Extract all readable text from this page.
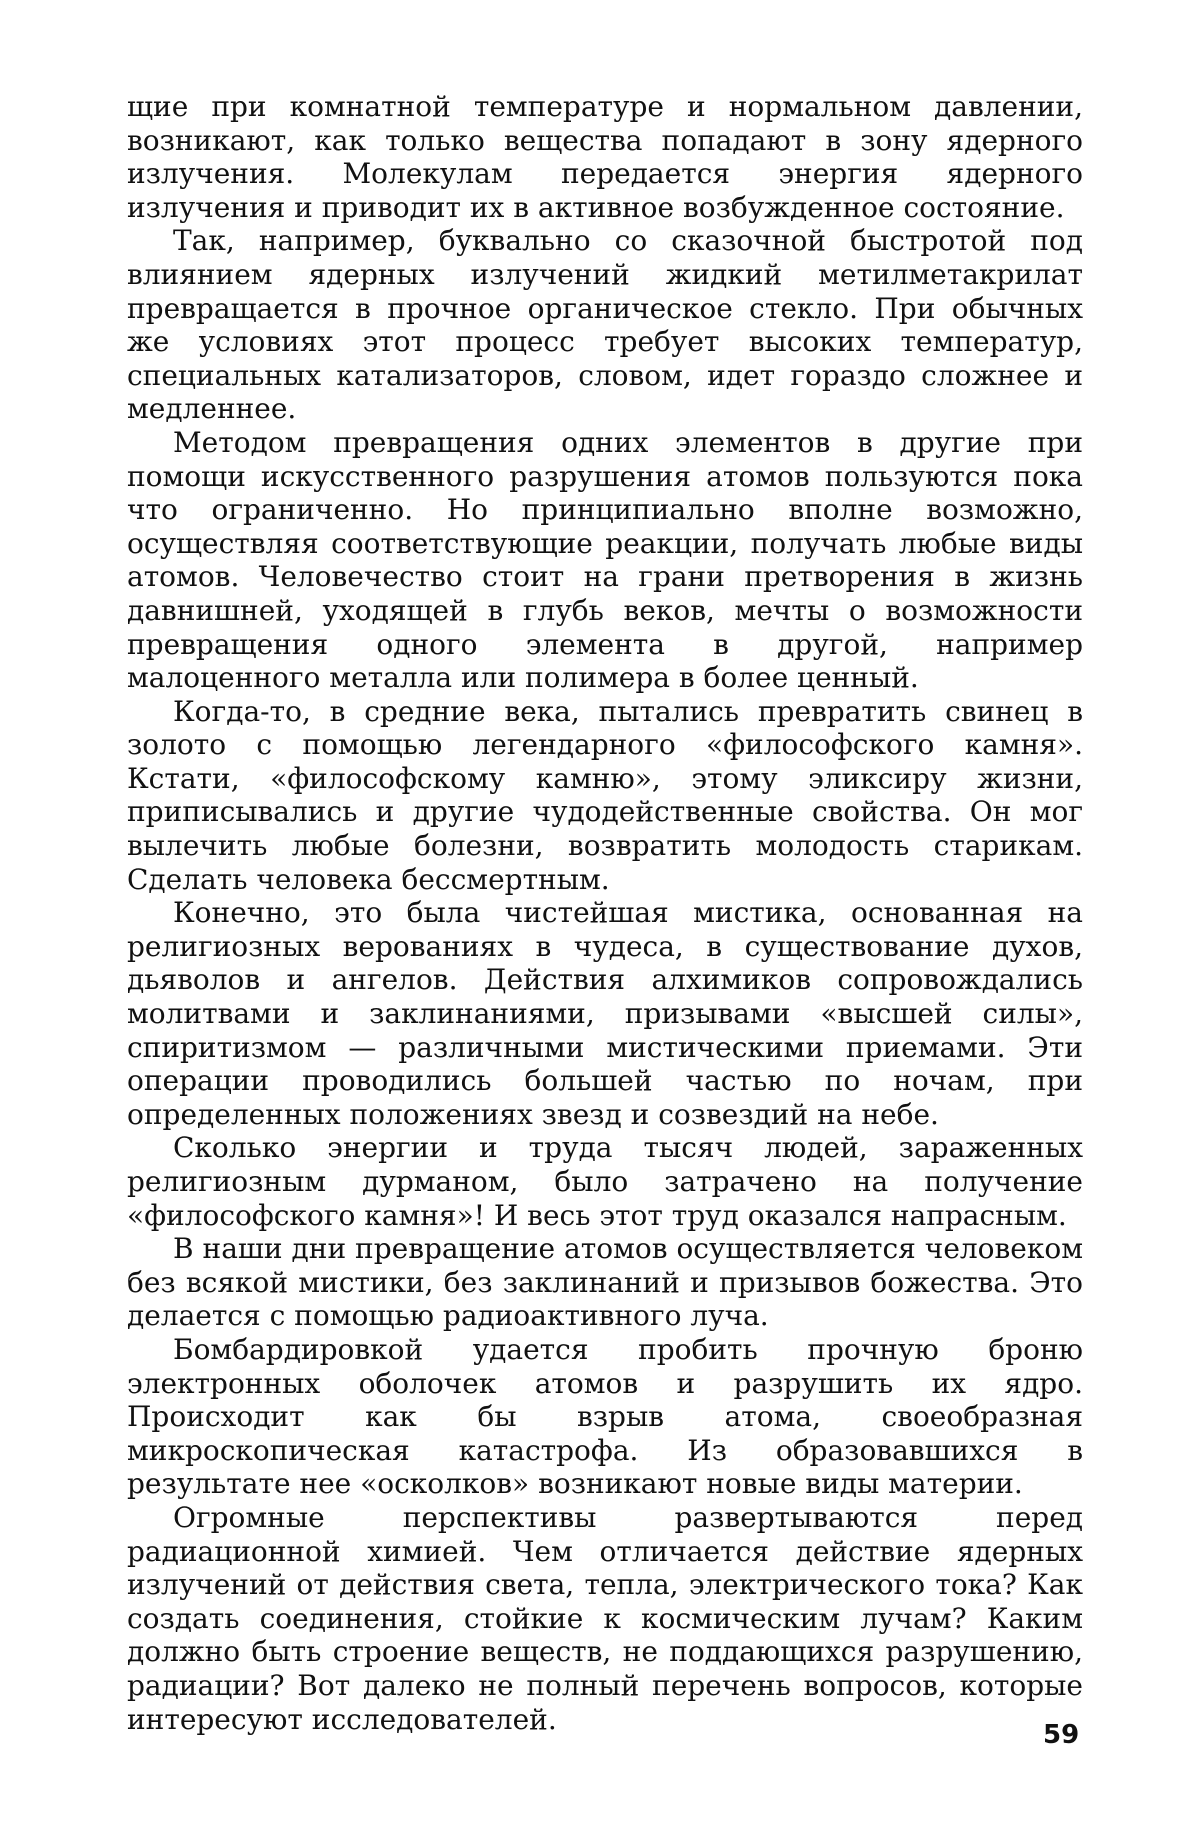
щие при комнатной температуре и нормальном давлении, возникают, как только вещества попадают в зону ядерного излучения. Молекулам передается энергия ядерного излучения и приводит их в активное возбужденное состояние.

Так, например, буквально со сказочной быстротой под влиянием ядерных излучений жидкий метилметакрилат превращается в прочное органическое стекло. При обычных же условиях этот процесс требует высоких температур, специальных катализаторов, словом, идет гораздо сложнее и медленнее.

Методом превращения одних элементов в другие при помощи искусственного разрушения атомов пользуются пока что ограниченно. Но принципиально вполне возможно, осуществляя соответствующие реакции, получать любые виды атомов. Человечество стоит на грани претворения в жизнь давнишней, уходящей в глубь веков, мечты о возможности превращения одного элемента в другой, например малоценного металла или полимера в более ценный.

Когда-то, в средние века, пытались превратить свинец в золото с помощью легендарного «философского камня». Кстати, «философскому камню», этому эликсиру жизни, приписывались и другие чудодейственные свойства. Он мог вылечить любые болезни, возвратить молодость старикам. Сделать человека бессмертным.

Конечно, это была чистейшая мистика, основанная на религиозных верованиях в чудеса, в существование духов, дьяволов и ангелов. Действия алхимиков сопровождались молитвами и заклинаниями, призывами «высшей силы», спиритизмом — различными мистическими приемами. Эти операции проводились большей частью по ночам, при определенных положениях звезд и созвездий на небе.

Сколько энергии и труда тысяч людей, зараженных религиозным дурманом, было затрачено на получение «философского камня»! И весь этот труд оказался напрасным.

В наши дни превращение атомов осуществляется человеком без всякой мистики, без заклинаний и призывов божества. Это делается с помощью радиоактивного луча.

Бомбардировкой удается пробить прочную броню электронных оболочек атомов и разрушить их ядро. Происходит как бы взрыв атома, своеобразная микроскопическая катастрофа. Из образовавшихся в результате нее «осколков» возникают новые виды материи.

Огромные перспективы развертываются перед радиационной химией. Чем отличается действие ядерных излучений от действия света, тепла, электрического тока? Как создать соединения, стойкие к космическим лучам? Каким должно быть строение веществ, не поддающихся разрушению, радиации? Вот далеко не полный перечень вопросов, которые интересуют исследователей.	59
